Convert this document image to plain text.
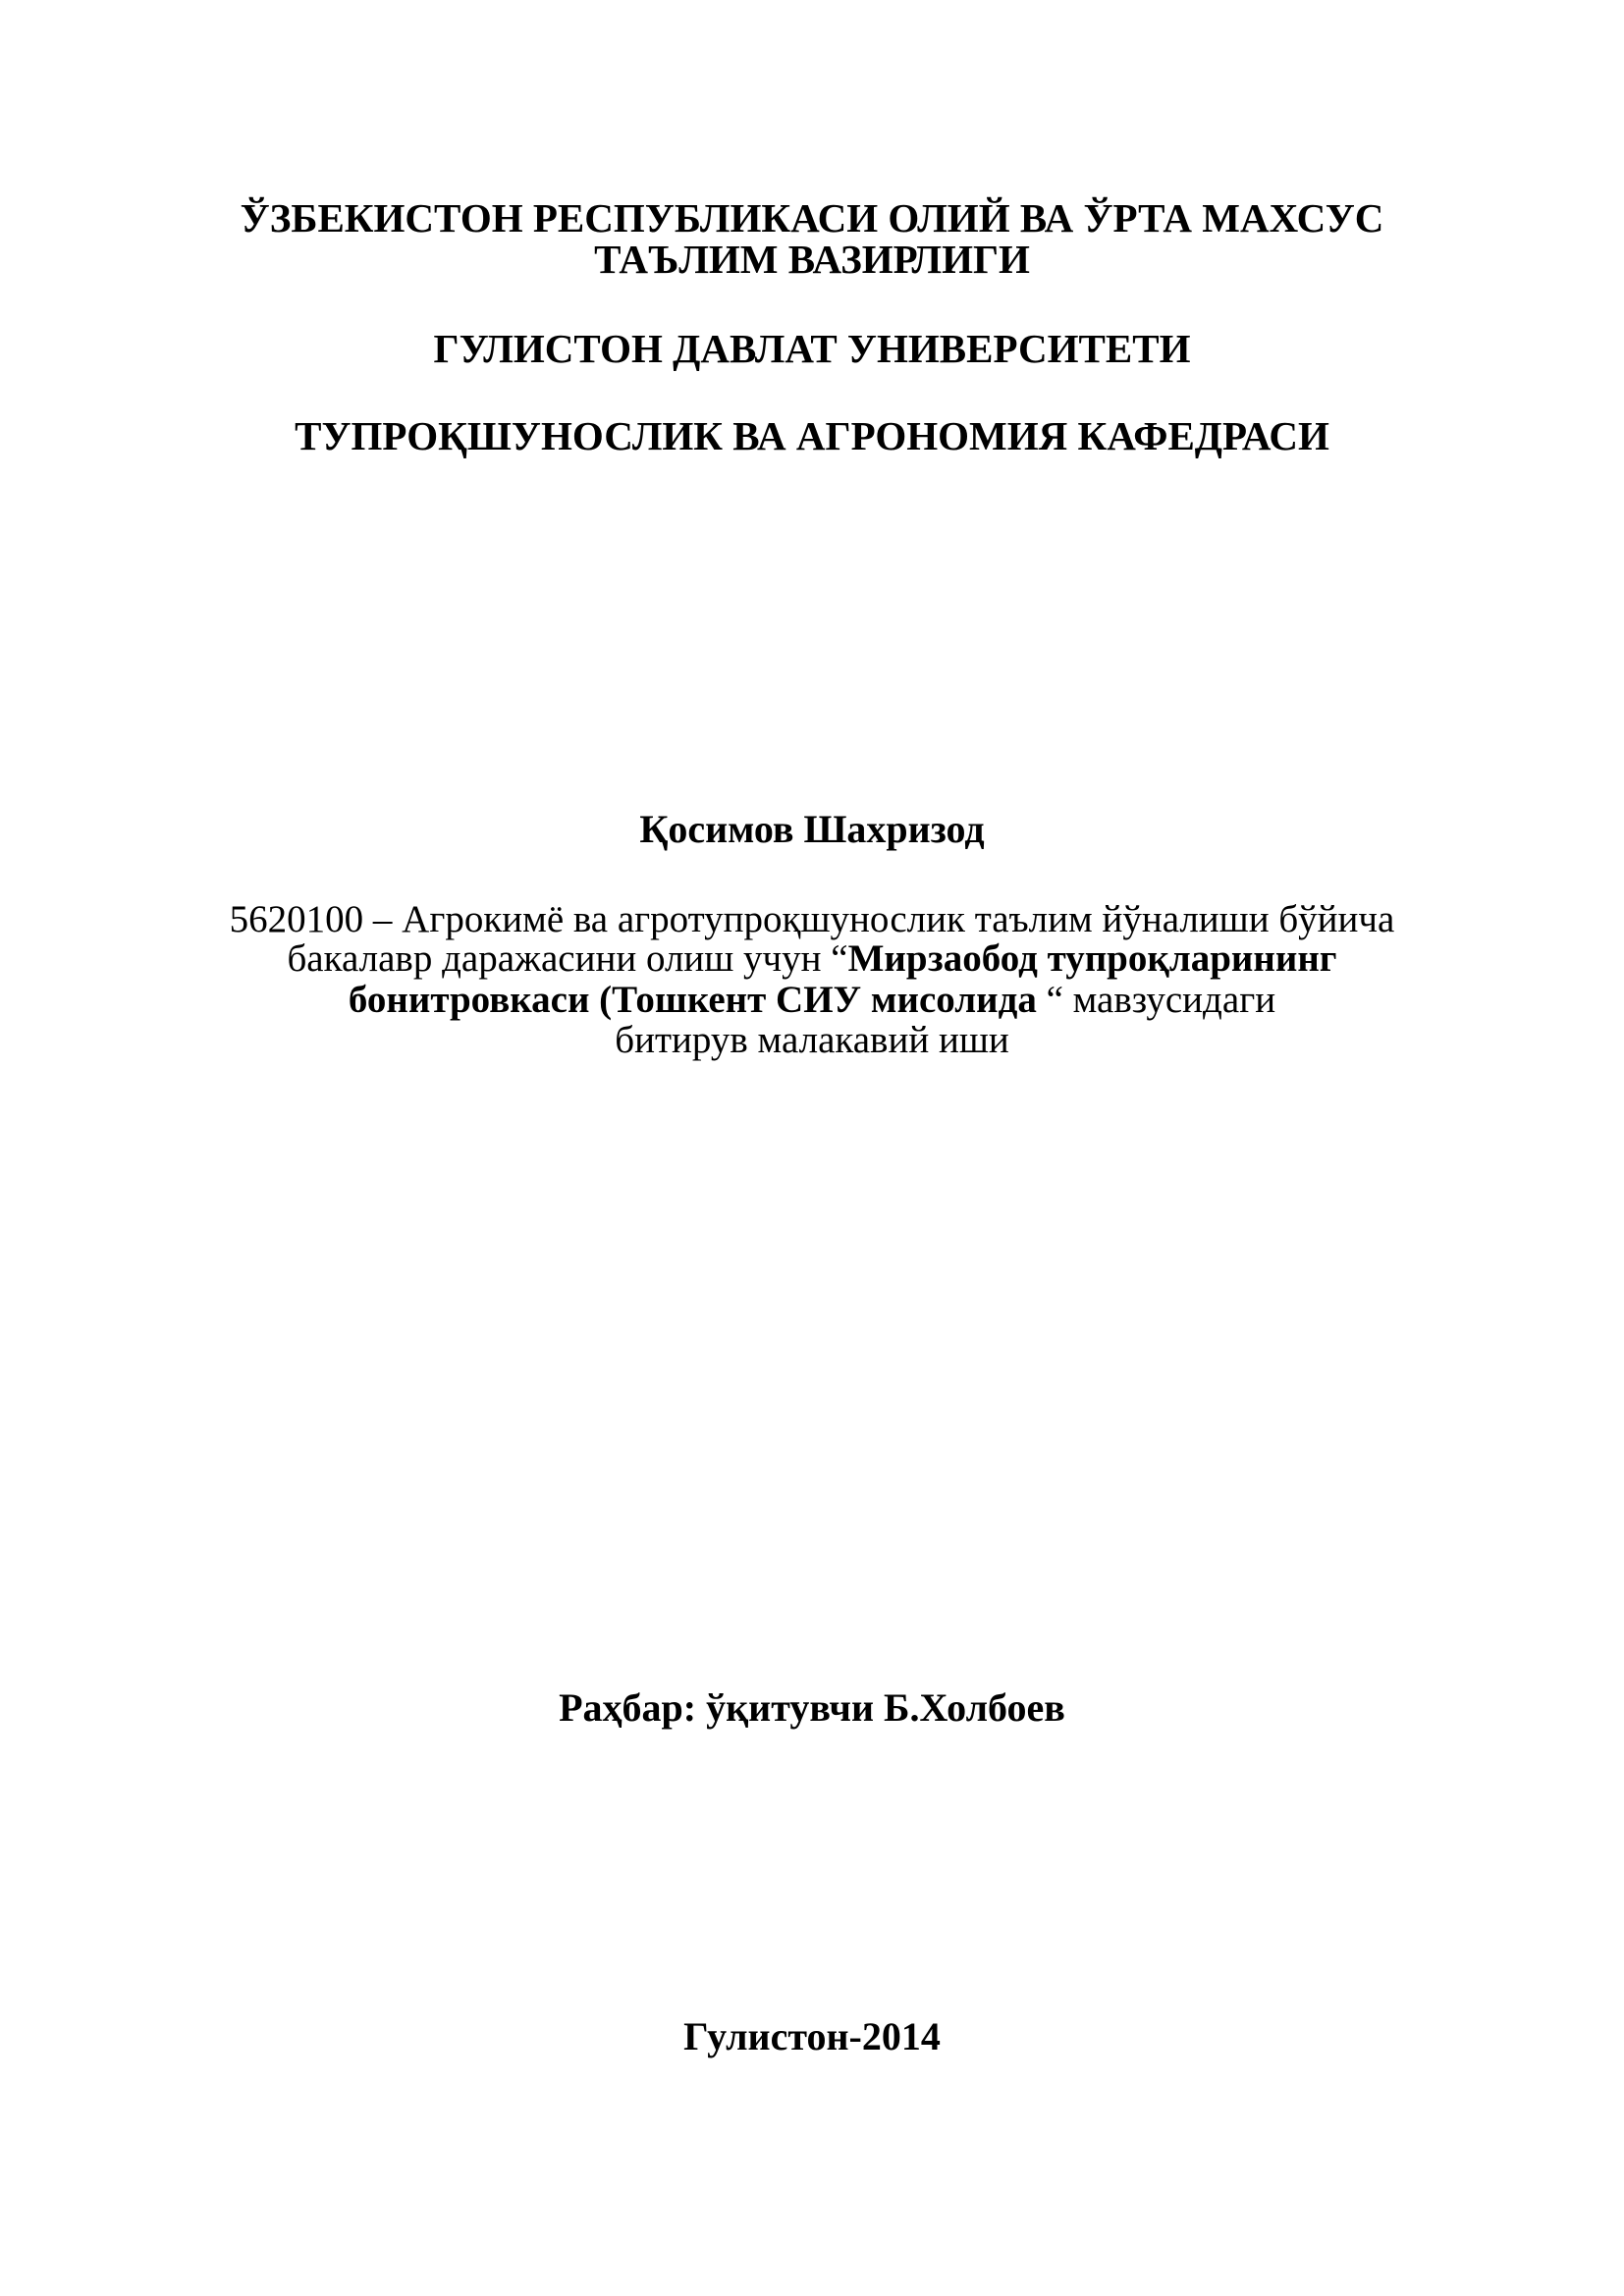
ЎЗБЕКИСТОН РЕСПУБЛИКАСИ ОЛИЙ ВА ЎРТА МАХСУС
ТАЪЛИМ ВАЗИРЛИГИ
ГУЛИСТОН ДАВЛАТ УНИВЕРСИТЕТИ
ТУПРОҚШУНОСЛИК ВА АГРОНОМИЯ КАФЕДРАСИ
Қосимов Шахризод
5620100 – Агрокимё ва агротупроқшунослик таълим йўналиши бўйича
бакалавр даражасини олиш учун “Мирзаобод тупроқларининг
бонитровкаси (Тошкент СИУ мисолида “ мавзусидаги
битирув малакавий иши
Раҳбар: ўқитувчи Б.Холбоев
Гулистон-2014
